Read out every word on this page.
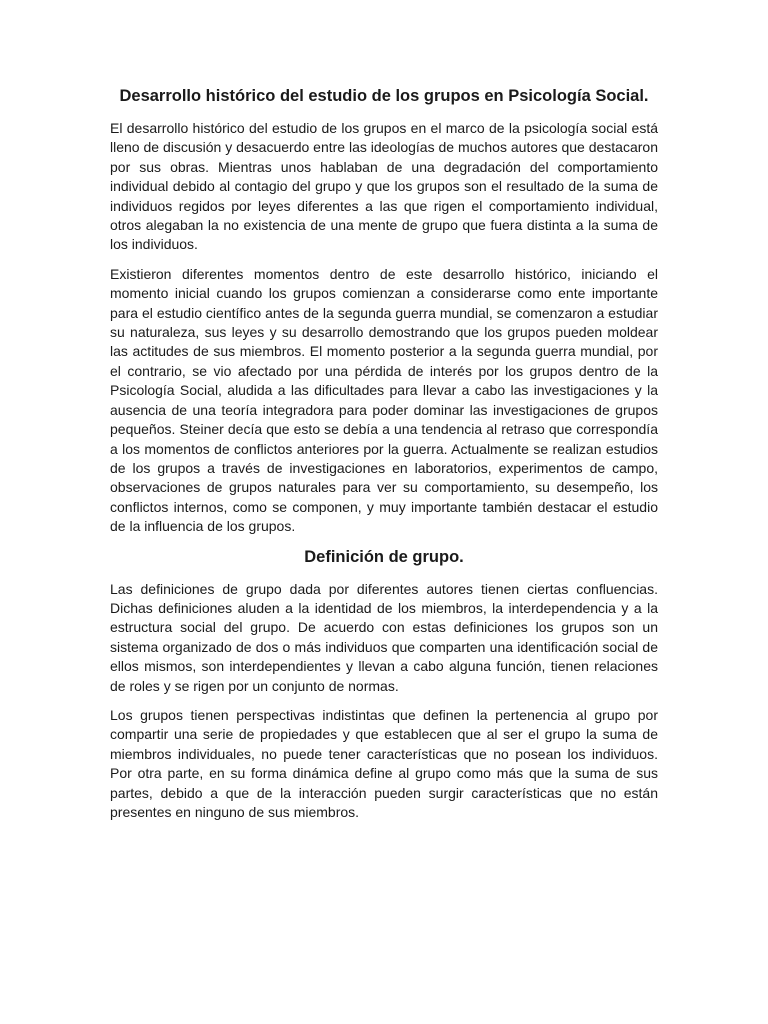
Desarrollo histórico del estudio de los grupos en Psicología Social.

El desarrollo histórico del estudio de los grupos en el marco de la psicología social está lleno de discusión y desacuerdo entre las ideologías de muchos autores que destacaron por sus obras. Mientras unos hablaban de una degradación del comportamiento individual debido al contagio del grupo y que los grupos son el resultado de la suma de individuos regidos por leyes diferentes a las que rigen el comportamiento individual, otros alegaban la no existencia de una mente de grupo que fuera distinta a la suma de los individuos.

Existieron diferentes momentos dentro de este desarrollo histórico, iniciando el momento inicial cuando los grupos comienzan a considerarse como ente importante para el estudio científico antes de la segunda guerra mundial, se comenzaron a estudiar su naturaleza, sus leyes y su desarrollo demostrando que los grupos pueden moldear las actitudes de sus miembros. El momento posterior a la segunda guerra mundial, por el contrario, se vio afectado por una pérdida de interés por los grupos dentro de la Psicología Social, aludida a las dificultades para llevar a cabo las investigaciones y la ausencia de una teoría integradora para poder dominar las investigaciones de grupos pequeños. Steiner decía que esto se debía a una tendencia al retraso que correspondía a los momentos de conflictos anteriores por la guerra. Actualmente se realizan estudios de los grupos a través de investigaciones en laboratorios, experimentos de campo, observaciones de grupos naturales para ver su comportamiento, su desempeño, los conflictos internos, como se componen, y muy importante también destacar el estudio de la influencia de los grupos.

Definición de grupo.

Las definiciones de grupo dada por diferentes autores tienen ciertas confluencias. Dichas definiciones aluden a la identidad de los miembros, la interdependencia y a la estructura social del grupo. De acuerdo con estas definiciones los grupos son un sistema organizado de dos o más individuos que comparten una identificación social de ellos mismos, son interdependientes y llevan a cabo alguna función, tienen relaciones de roles y se rigen por un conjunto de normas.

Los grupos tienen perspectivas indistintas que definen la pertenencia al grupo por compartir una serie de propiedades y que establecen que al ser el grupo la suma de miembros individuales, no puede tener características que no posean los individuos. Por otra parte, en su forma dinámica define al grupo como más que la suma de sus partes, debido a que de la interacción pueden surgir características que no están presentes en ninguno de sus miembros.
